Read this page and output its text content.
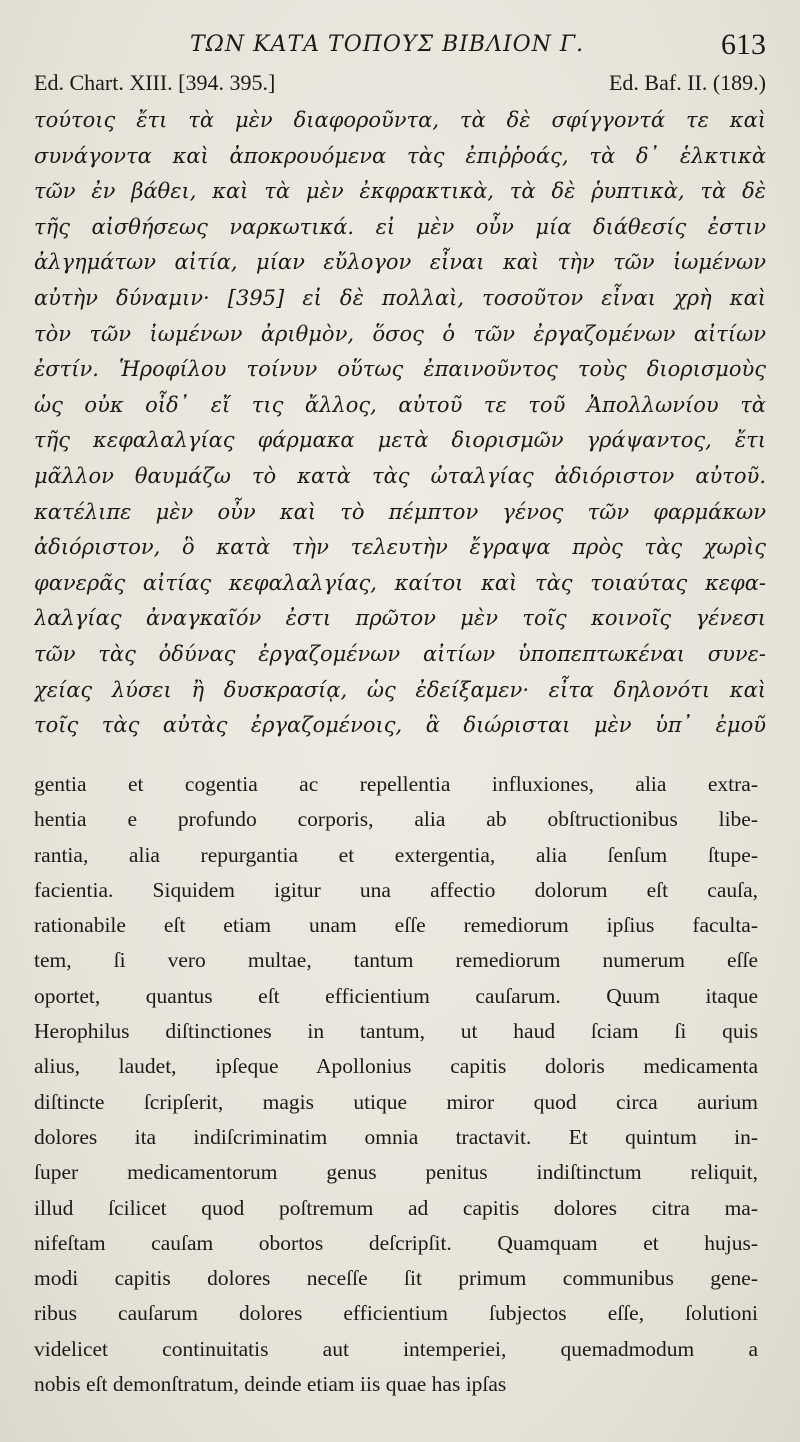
ΤΩΝ ΚΑΤΑ ΤΟΠΟΥΣ ΒΙΒΛΙΟΝ Γ.	613
Ed. Chart. XIII. [394. 395.]	Ed. Baf. II. (189.)
τούτοις ἔτι τὰ μὲν διαφοροῦντα, τὰ δὲ σφίγγοντά τε καὶ
συνάγοντα καὶ ἀποκρουόμενα τὰς ἐπιῤῥοάς, τὰ δ᾽ ἑλκτικὰ
τῶν ἐν βάθει, καὶ τὰ μὲν ἐκφρακτικὰ, τὰ δὲ ῥυπτικὰ, τὰ δὲ
τῆς αἰσθήσεως ναρκωτικά. εἰ μὲν οὖν μία διάθεσίς ἐστιν
ἀλγημάτων αἰτία, μίαν εὔλογον εἶναι καὶ τὴν τῶν ἰωμένων
αὐτὴν δύναμιν· [395] εἰ δὲ πολλαὶ, τοσοῦτον εἶναι χρὴ καὶ
τὸν τῶν ἰωμένων ἀριθμὸν, ὅσος ὁ τῶν ἐργαζομένων αἰτίων
ἐστίν. Ἡροφίλου τοίνυν οὕτως ἐπαινοῦντος τοὺς διορισμοὺς
ὡς οὐκ οἶδ᾽ εἴ τις ἄλλος, αὐτοῦ τε τοῦ Ἀπολλωνίου τὰ
τῆς κεφαλαλγίας φάρμακα μετὰ διορισμῶν γράψαντος, ἔτι
μᾶλλον θαυμάζω τὸ κατὰ τὰς ὠταλγίας ἀδιόριστον αὐτοῦ.
κατέλιπε μὲν οὖν καὶ τὸ πέμπτον γένος τῶν φαρμάκων
ἀδιόριστον, ὃ κατὰ τὴν τελευτὴν ἔγραψα πρὸς τὰς χωρὶς
φανερᾶς αἰτίας κεφαλαλγίας, καίτοι καὶ τὰς τοιαύτας κεφα-
λαλγίας ἀναγκαῖόν ἐστι πρῶτον μὲν τοῖς κοινοῖς γένεσι
τῶν τὰς ὀδύνας ἐργαζομένων αἰτίων ὑποπεπτωκέναι συνε-
χείας λύσει ἢ δυσκρασίᾳ, ὡς ἐδείξαμεν· εἶτα δηλονότι καὶ
τοῖς τὰς αὐτὰς ἐργαζομένοις, ἃ διώρισται μὲν ὑπ᾽ ἐμοῦ
gentia et cogentia ac repellentia influxiones, alia extra-
hentia e profundo corporis, alia ab obſtructionibus libe-
rantia, alia repurgantia et extergentia, alia ſenſum ſtupe-
facientia. Siquidem igitur una affectio dolorum eſt cauſa,
rationabile eſt etiam unam eſſe remediorum ipſius faculta-
tem, ſi vero multae, tantum remediorum numerum eſſe
oportet, quantus eſt efficientium cauſarum. Quum itaque
Herophilus diſtinctiones in tantum, ut haud ſciam ſi quis
alius, laudet, ipſeque Apollonius capitis doloris medicamenta
diſtincte ſcripſerit, magis utique miror quod circa aurium
dolores ita indiſcriminatim omnia tractavit. Et quintum in-
ſuper medicamentorum genus penitus indiſtinctum reliquit,
illud ſcilicet quod poſtremum ad capitis dolores citra ma-
nifeſtam cauſam obortos deſcripſit. Quamquam et hujus-
modi capitis dolores neceſſe ſit primum communibus gene-
ribus cauſarum dolores efficientium ſubjectos eſſe, ſolutioni
videlicet continuitatis aut intemperiei, quemadmodum a
nobis eſt demonſtratum, deinde etiam iis quae has ipſas
